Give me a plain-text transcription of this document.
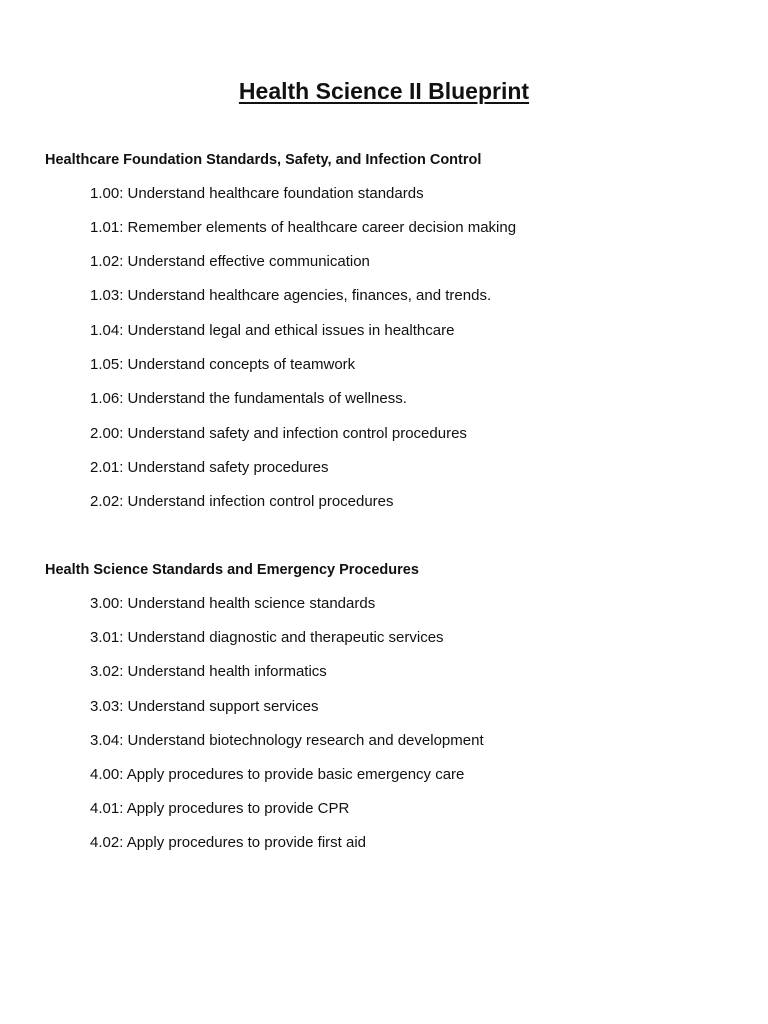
Health Science II Blueprint
Healthcare Foundation Standards, Safety, and Infection Control
1.00: Understand healthcare foundation standards
1.01: Remember elements of healthcare career decision making
1.02: Understand effective communication
1.03: Understand healthcare agencies, finances, and trends.
1.04: Understand legal and ethical issues in healthcare
1.05: Understand concepts of teamwork
1.06: Understand the fundamentals of wellness.
2.00: Understand safety and infection control procedures
2.01: Understand safety procedures
2.02: Understand infection control procedures
Health Science Standards and Emergency Procedures
3.00: Understand health science standards
3.01: Understand diagnostic and therapeutic services
3.02: Understand health informatics
3.03: Understand support services
3.04: Understand biotechnology research and development
4.00: Apply procedures to provide basic emergency care
4.01: Apply procedures to provide CPR
4.02: Apply procedures to provide first aid
